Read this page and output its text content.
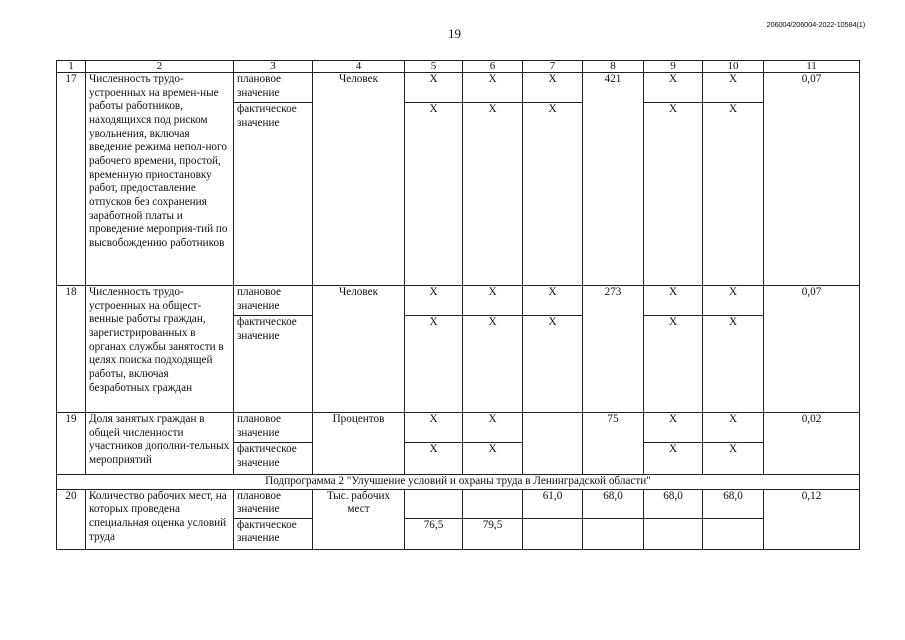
19
206004/206004-2022-10584(1)
1	2	3	4	5	6	7	8	9	10	11
17	Численность трудо-устроенных на времен-ные работы работников, находящихся под риском увольнения, включая введение режима непол-ного рабочего времени, простой, временную приостановку работ, предоставление отпусков без сохранения заработной платы и проведение мероприя-тий по высвобождению работников	плановое значение	Человек	Х	Х	Х	421	Х	Х	0,07
		фактическое значение		Х	Х	Х		Х	Х	
18	Численность трудо-устроенных на общест-венные работы граждан, зарегистрированных в органах службы занятости в целях поиска подходящей работы, включая безработных граждан	плановое значение	Человек	Х	Х	Х	273	Х	Х	0,07
		фактическое значение		Х	Х	Х		Х	Х	
19	Доля занятых граждан в общей численности участников дополни-тельных мероприятий	плановое значение	Процентов	Х	Х		75	Х	Х	0,02
		фактическое значение		Х	Х			Х	Х	
Подпрограмма 2 "Улучшение условий и охраны труда в Ленинградской области"										
20	Количество рабочих мест, на которых проведена специальная оценка условий труда	плановое значение	Тыс. рабочих мест			61,0	68,0	68,0	68,0	0,12
		фактическое значение		76,5	79,5					
